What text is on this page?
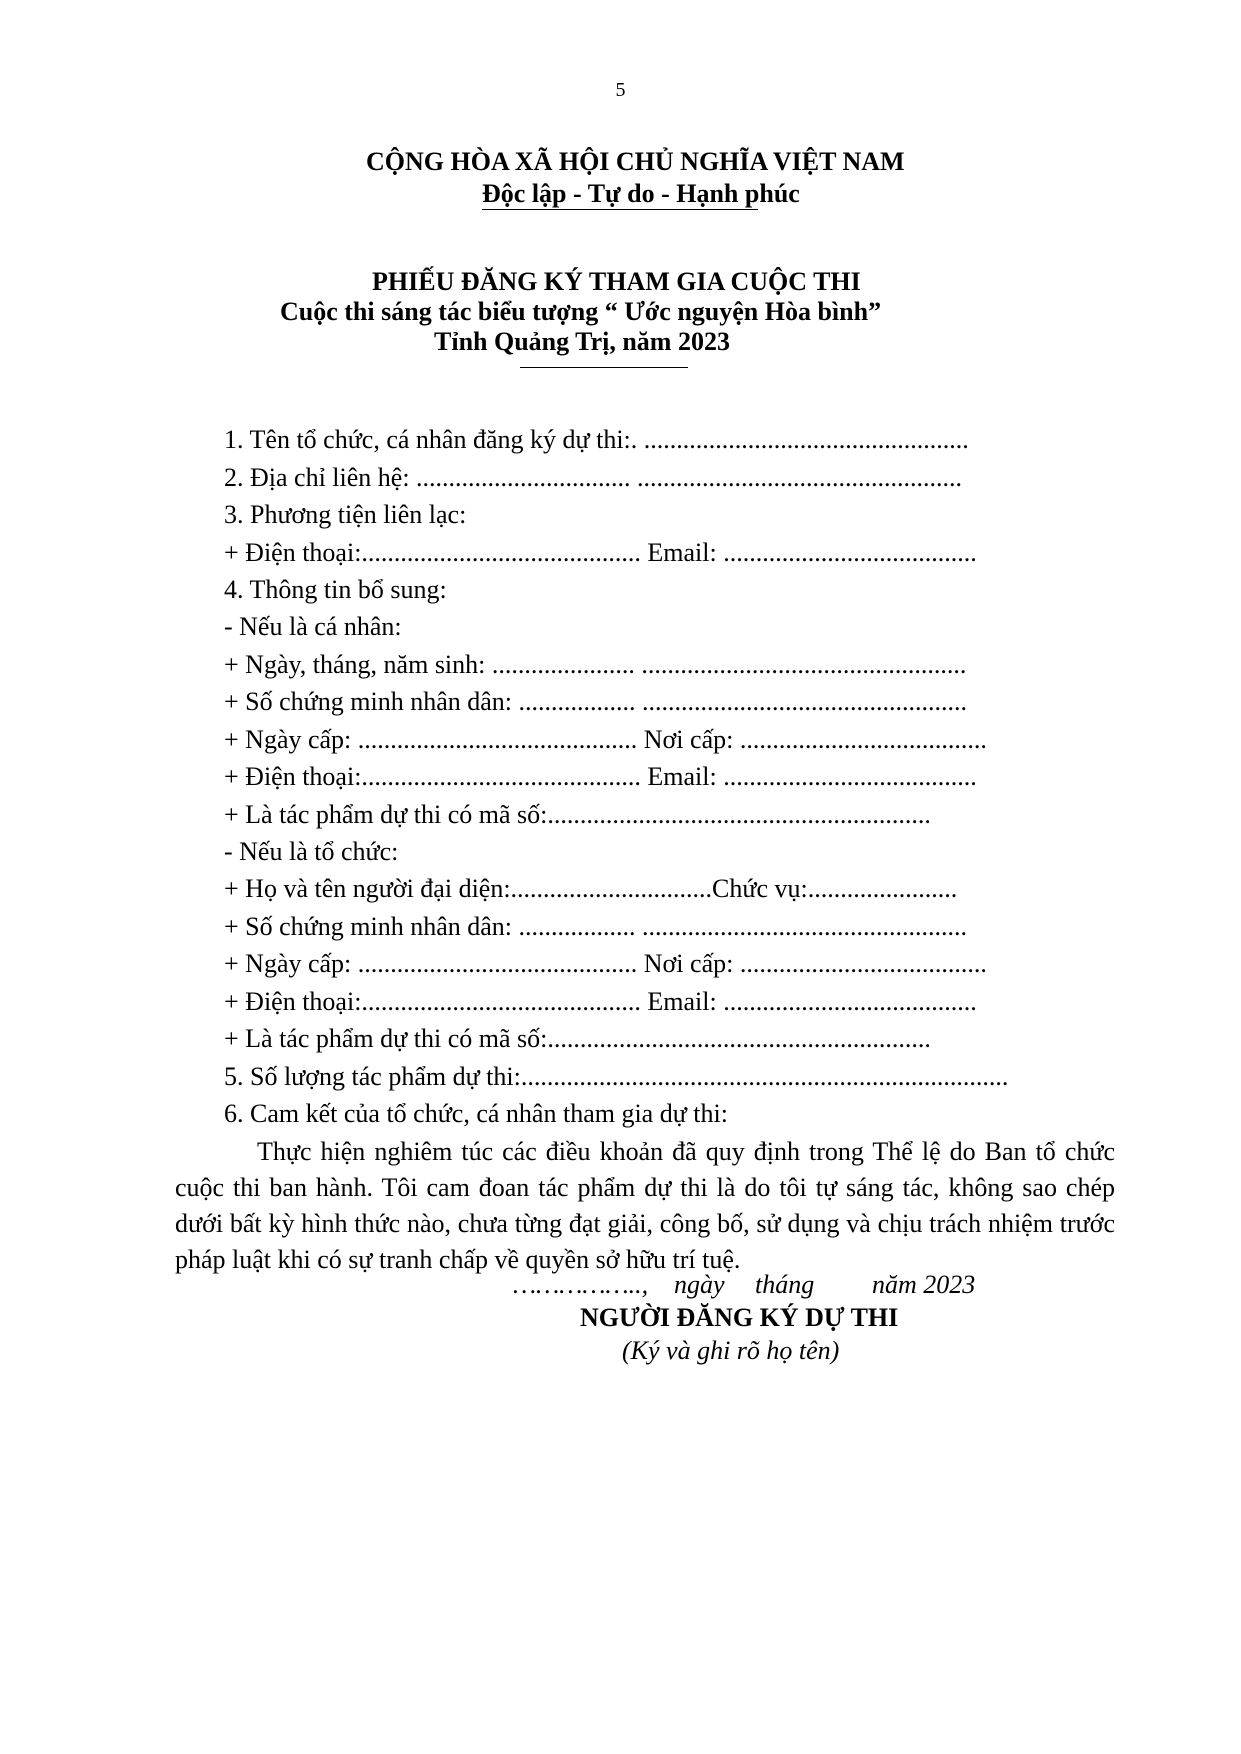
5
CỘNG HÒA XÃ HỘI CHỦ NGHĨA VIỆT NAM
Độc lập - Tự do - Hạnh phúc
PHIẾU ĐĂNG KÝ THAM GIA CUỘC THI
Cuộc thi sáng tác biểu tượng “ Ước nguyện Hòa bình”
Tỉnh Quảng Trị, năm 2023
1. Tên tổ chức, cá nhân đăng ký dự thi:. ..................................................
2. Địa chỉ liên hệ: ................................. ..................................................
3. Phương tiện liên lạc:
+ Điện thoại:........................................... Email: .......................................
4. Thông tin bổ sung:
- Nếu là cá nhân:
+ Ngày, tháng, năm sinh: ...................... ..................................................
+ Số chứng minh nhân dân: .................. ..................................................
+ Ngày cấp: ........................................... Nơi cấp: ......................................
+ Điện thoại:........................................... Email: .......................................
+ Là tác phẩm dự thi có mã số:...........................................................
- Nếu là tổ chức:
+ Họ và tên người đại diện:...............................Chức vụ:.......................
+ Số chứng minh nhân dân: .................. ..................................................
+ Ngày cấp: ........................................... Nơi cấp: ......................................
+ Điện thoại:........................................... Email: .......................................
+ Là tác phẩm dự thi có mã số:...........................................................
5. Số lượng tác phẩm dự thi:...........................................................................
6. Cam kết của tổ chức, cá nhân tham gia dự thi:
Thực hiện nghiêm túc các điều khoản đã quy định trong Thể lệ do Ban tổ chức cuộc thi ban hành. Tôi cam đoan tác phẩm dự thi là do tôi tự sáng tác, không sao chép dưới bất kỳ hình thức nào, chưa từng đạt giải, công bố, sử dụng và chịu trách nhiệm trước pháp luật khi có sự tranh chấp về quyền sở hữu trí tuệ.
…………….., ngày tháng năm 2023
NGƯỜI ĐĂNG KÝ DỰ THI
(Ký và ghi rõ họ tên)
